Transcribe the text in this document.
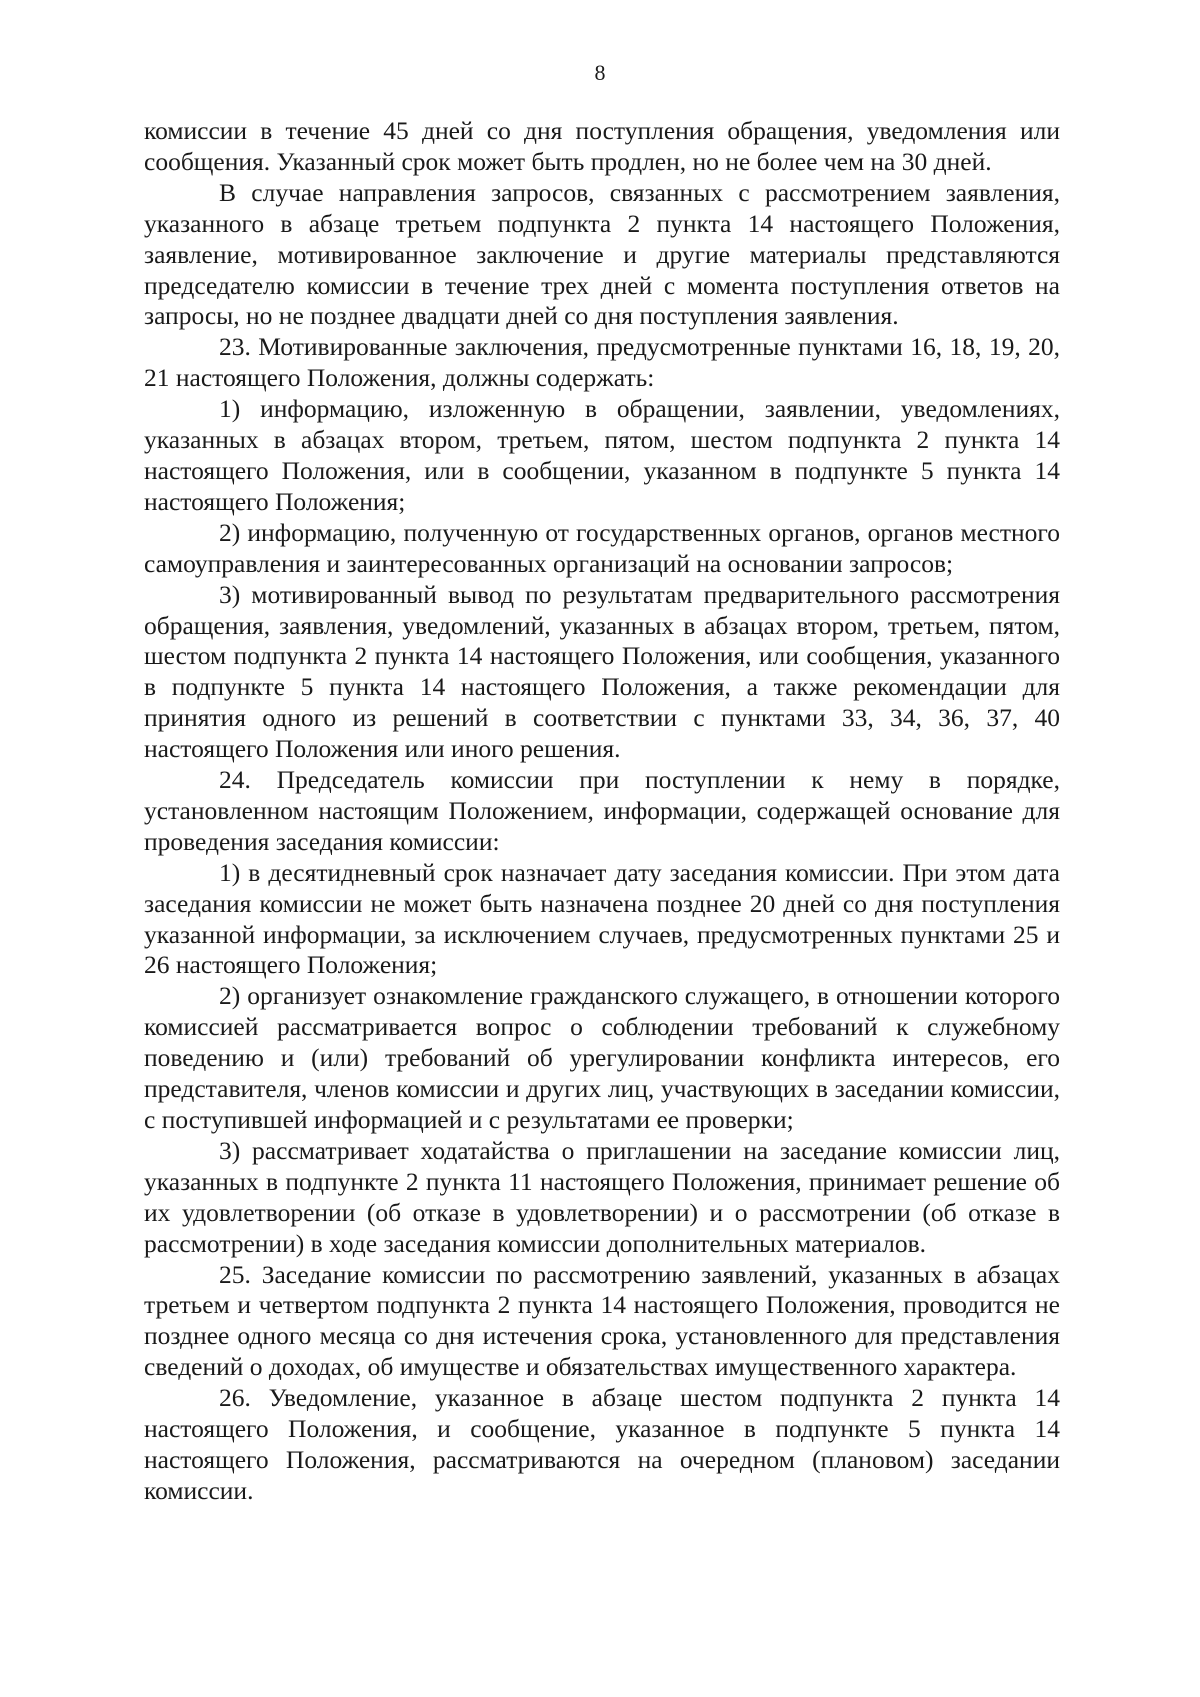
8

комиссии в течение 45 дней со дня поступления обращения, уведомления или сообщения. Указанный срок может быть продлен, но не более чем на 30 дней.

В случае направления запросов, связанных с рассмотрением заявления, указанного в абзаце третьем подпункта 2 пункта 14 настоящего Положения, заявление, мотивированное заключение и другие материалы представляются председателю комиссии в течение трех дней с момента поступления ответов на запросы, но не позднее двадцати дней со дня поступления заявления.

23. Мотивированные заключения, предусмотренные пунктами 16, 18, 19, 20, 21 настоящего Положения, должны содержать:

1) информацию, изложенную в обращении, заявлении, уведомлениях, указанных в абзацах втором, третьем, пятом, шестом подпункта 2 пункта 14 настоящего Положения, или в сообщении, указанном в подпункте 5 пункта 14 настоящего Положения;

2) информацию, полученную от государственных органов, органов местного самоуправления и заинтересованных организаций на основании запросов;

3) мотивированный вывод по результатам предварительного рассмотрения обращения, заявления, уведомлений, указанных в абзацах втором, третьем, пятом, шестом подпункта 2 пункта 14 настоящего Положения, или сообщения, указанного в подпункте 5 пункта 14 настоящего Положения, а также рекомендации для принятия одного из решений в соответствии с пунктами 33, 34, 36, 37, 40 настоящего Положения или иного решения.

24. Председатель комиссии при поступлении к нему в порядке, установленном настоящим Положением, информации, содержащей основание для проведения заседания комиссии:

1) в десятидневный срок назначает дату заседания комиссии. При этом дата заседания комиссии не может быть назначена позднее 20 дней со дня поступления указанной информации, за исключением случаев, предусмотренных пунктами 25 и 26 настоящего Положения;

2) организует ознакомление гражданского служащего, в отношении которого комиссией рассматривается вопрос о соблюдении требований к служебному поведению и (или) требований об урегулировании конфликта интересов, его представителя, членов комиссии и других лиц, участвующих в заседании комиссии, с поступившей информацией и с результатами ее проверки;

3) рассматривает ходатайства о приглашении на заседание комиссии лиц, указанных в подпункте 2 пункта 11 настоящего Положения, принимает решение об их удовлетворении (об отказе в удовлетворении) и о рассмотрении (об отказе в рассмотрении) в ходе заседания комиссии дополнительных материалов.

25. Заседание комиссии по рассмотрению заявлений, указанных в абзацах третьем и четвертом подпункта 2 пункта 14 настоящего Положения, проводится не позднее одного месяца со дня истечения срока, установленного для представления сведений о доходах, об имуществе и обязательствах имущественного характера.

26. Уведомление, указанное в абзаце шестом подпункта 2 пункта 14 настоящего Положения, и сообщение, указанное в подпункте 5 пункта 14 настоящего Положения, рассматриваются на очередном (плановом) заседании комиссии.
